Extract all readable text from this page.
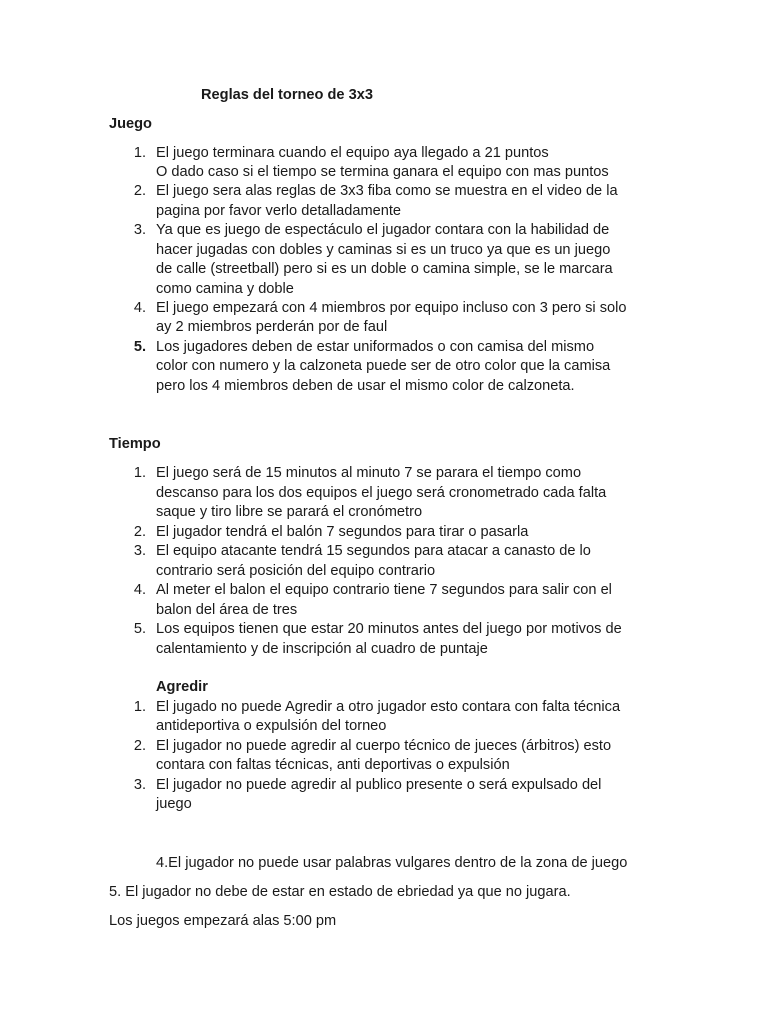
Reglas del torneo de 3x3
Juego
1. El juego terminara cuando el equipo aya llegado a 21 puntos
O dado caso si el tiempo se termina ganara el equipo con mas puntos
2. El juego sera alas reglas de 3x3 fiba como se muestra en el video de la
pagina por favor verlo detalladamente
3. Ya que es juego de espectáculo el jugador contara con la habilidad de
hacer jugadas con dobles y caminas si es un truco ya que es un juego
de calle (streetball) pero si es un doble o camina simple, se le marcara
como camina y doble
4. El juego empezará con 4 miembros por equipo incluso con 3 pero si solo
ay 2 miembros perderán por de faul
5. Los jugadores deben de estar uniformados o con camisa del mismo
color con numero y la calzoneta puede ser de otro color que la camisa
pero los 4 miembros deben de usar el mismo color de calzoneta.
Tiempo
1. El juego será de 15 minutos al minuto 7 se parara el tiempo como
descanso para los dos equipos el juego será cronometrado cada falta
saque y tiro libre se parará el cronómetro
2. El jugador tendrá el balón 7 segundos para tirar o pasarla
3. El equipo atacante tendrá 15 segundos para atacar a canasto de lo
contrario será posición del equipo contrario
4. Al meter el balon el equipo contrario tiene 7 segundos para salir con el
balon del área de tres
5. Los equipos tienen que estar 20 minutos antes del juego por motivos de
calentamiento y de inscripción al cuadro de puntaje
Agredir
1. El jugado no puede Agredir a otro jugador esto contara con falta técnica
antideportiva o expulsión del torneo
2. El jugador no puede agredir al cuerpo técnico de jueces (árbitros) esto
contara con faltas técnicas, anti deportivas o expulsión
3. El jugador no puede agredir al publico presente o será expulsado del
juego
4.El jugador no puede usar palabras vulgares dentro de la zona de juego
5. El jugador no debe de estar en estado de ebriedad ya que no jugara.
Los juegos empezará alas 5:00 pm
